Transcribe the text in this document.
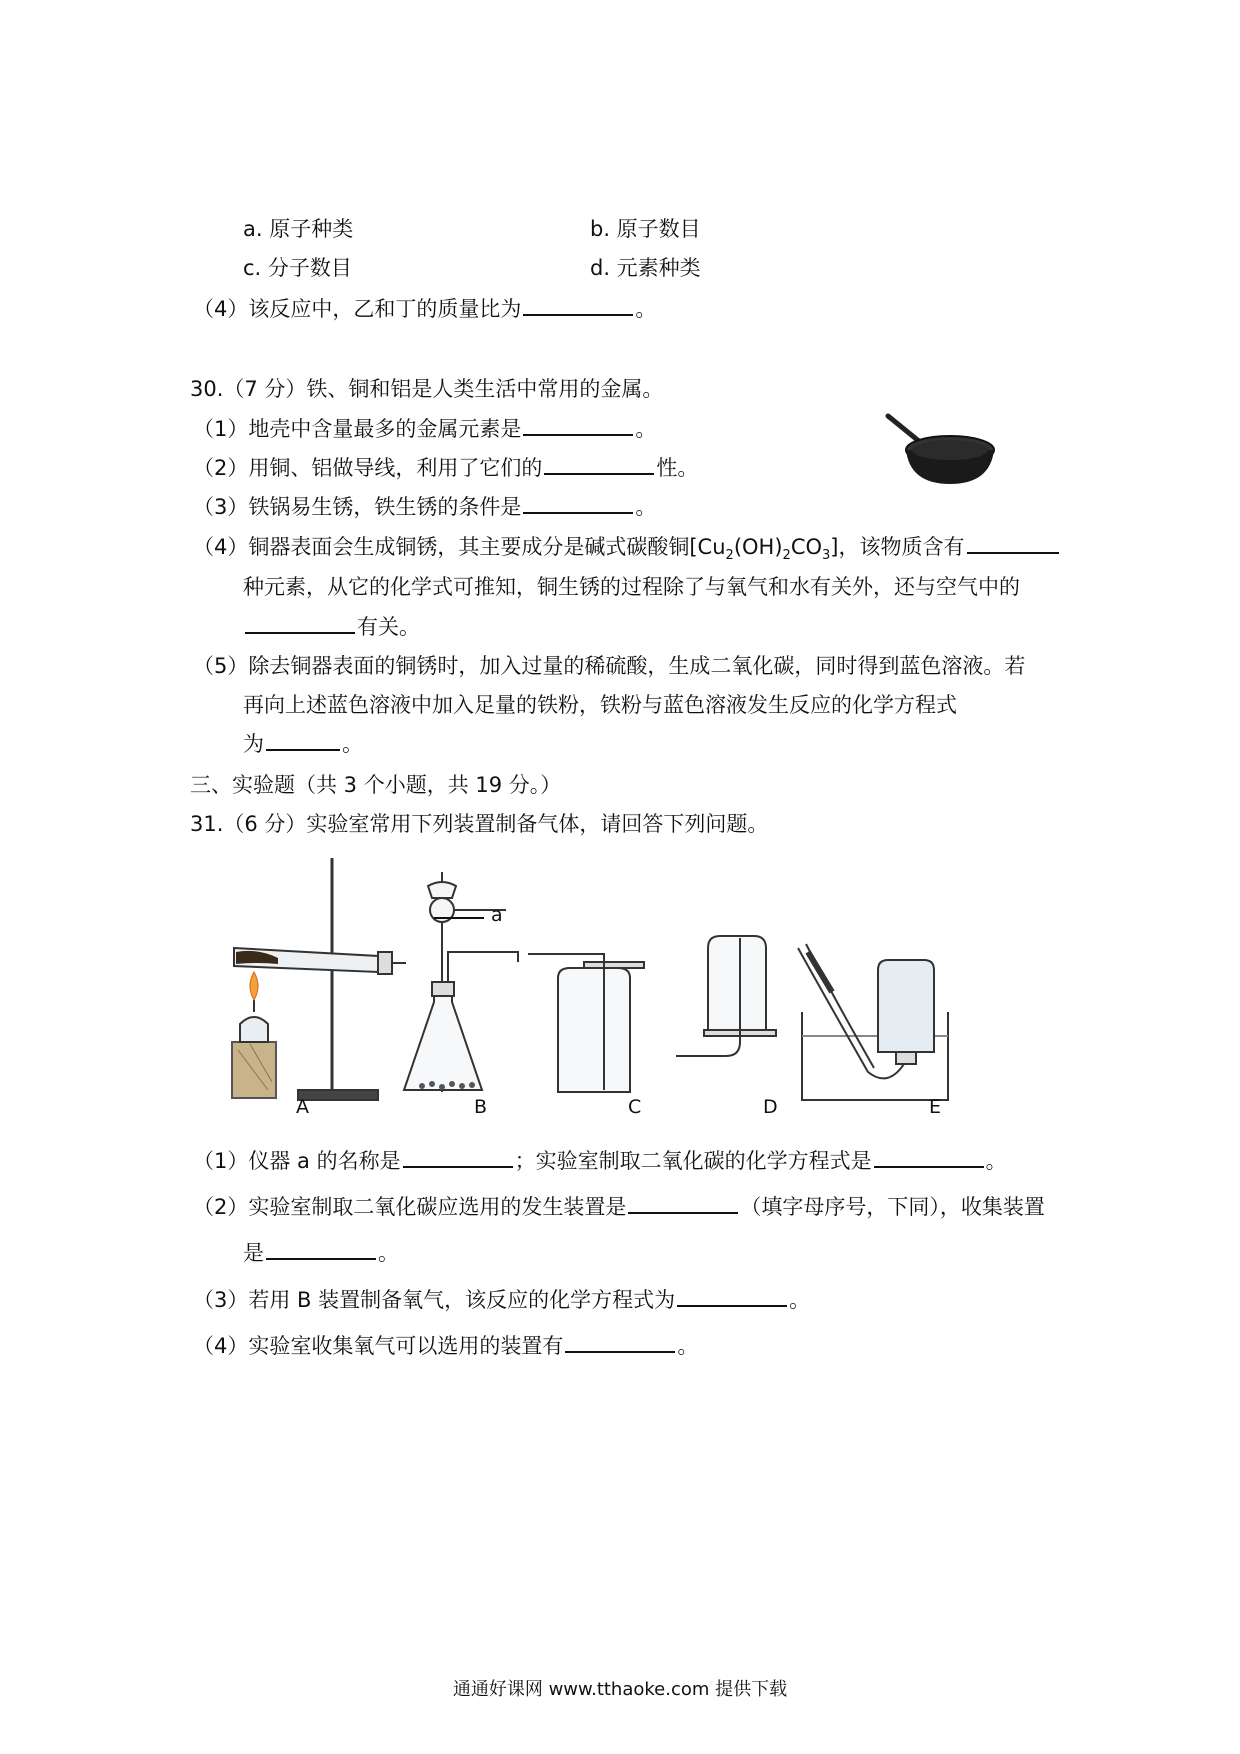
a. 原子种类	b. 原子数目
c. 分子数目	d. 元素种类
（4）该反应中，乙和丁的质量比为	。
30.（7 分）铁、铜和铝是人类生活中常用的金属。
（1）地壳中含量最多的金属元素是	。
（2）用铜、铝做导线，利用了它们的	性。
（3）铁锅易生锈，铁生锈的条件是	。
（4）铜器表面会生成铜锈，其主要成分是碱式碳酸铜$[Cu_2(OH)_2CO_3]$，该物质含有
种元素，从它的化学式可推知，铜生锈的过程除了与氧气和水有关外，还与空气中的
有关。
（5）除去铜器表面的铜锈时，加入过量的稀硫酸，生成二氧化碳，同时得到蓝色溶液。若
再向上述蓝色溶液中加入足量的铁粉，铁粉与蓝色溶液发生反应的化学方程式
为	。
三、实验题（共 3 个小题，共 19 分。）
31.（6 分）实验室常用下列装置制备气体，请回答下列问题。
a
A	B	C	D	E
（1）仪器 a 的名称是	；实验室制取二氧化碳的化学方程式是	。
（2）实验室制取二氧化碳应选用的发生装置是	（填字母序号，下同），收集装置
是	。
（3）若用 B 装置制备氧气，该反应的化学方程式为	。
（4）实验室收集氧气可以选用的装置有	。
通通好课网 www.tthaoke.com 提供下载
